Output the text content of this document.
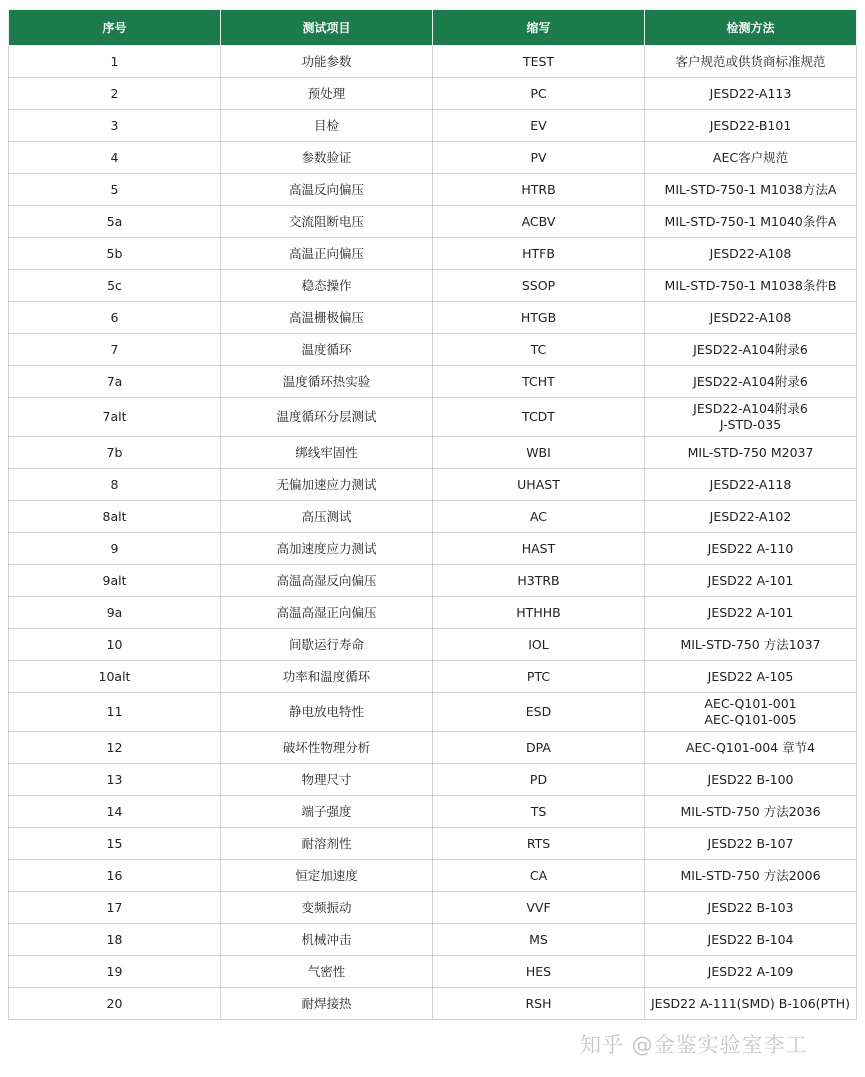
序号	测试项目	缩写	检测方法
1	功能参数	TEST	客户规范或供货商标准规范
2	预处理	PC	JESD22-A113
3	目检	EV	JESD22-B101
4	参数验证	PV	AEC客户规范
5	高温反向偏压	HTRB	MIL-STD-750-1 M1038方法A
5a	交流阻断电压	ACBV	MIL-STD-750-1 M1040条件A
5b	高温正向偏压	HTFB	JESD22-A108
5c	稳态操作	SSOP	MIL-STD-750-1 M1038条件B
6	高温栅极偏压	HTGB	JESD22-A108
7	温度循环	TC	JESD22-A104附录6
7a	温度循环热实验	TCHT	JESD22-A104附录6
7alt	温度循环分层测试	TCDT	JESD22-A104附录6
J-STD-035
7b	绑线牢固性	WBI	MIL-STD-750 M2037
8	无偏加速应力测试	UHAST	JESD22-A118
8alt	高压测试	AC	JESD22-A102
9	高加速度应力测试	HAST	JESD22 A-110
9alt	高温高湿反向偏压	H3TRB	JESD22 A-101
9a	高温高湿正向偏压	HTHHB	JESD22 A-101
10	间歇运行寿命	IOL	MIL-STD-750 方法1037
10alt	功率和温度循环	PTC	JESD22 A-105
11	静电放电特性	ESD	AEC-Q101-001
AEC-Q101-005
12	破坏性物理分析	DPA	AEC-Q101-004 章节4
13	物理尺寸	PD	JESD22 B-100
14	端子强度	TS	MIL-STD-750 方法2036
15	耐溶剂性	RTS	JESD22 B-107
16	恒定加速度	CA	MIL-STD-750 方法2006
17	变频振动	VVF	JESD22 B-103
18	机械冲击	MS	JESD22 B-104
19	气密性	HES	JESD22 A-109
20	耐焊接热	RSH	JESD22 A-111(SMD) B-106(PTH)
知乎 @金鉴实验室李工
